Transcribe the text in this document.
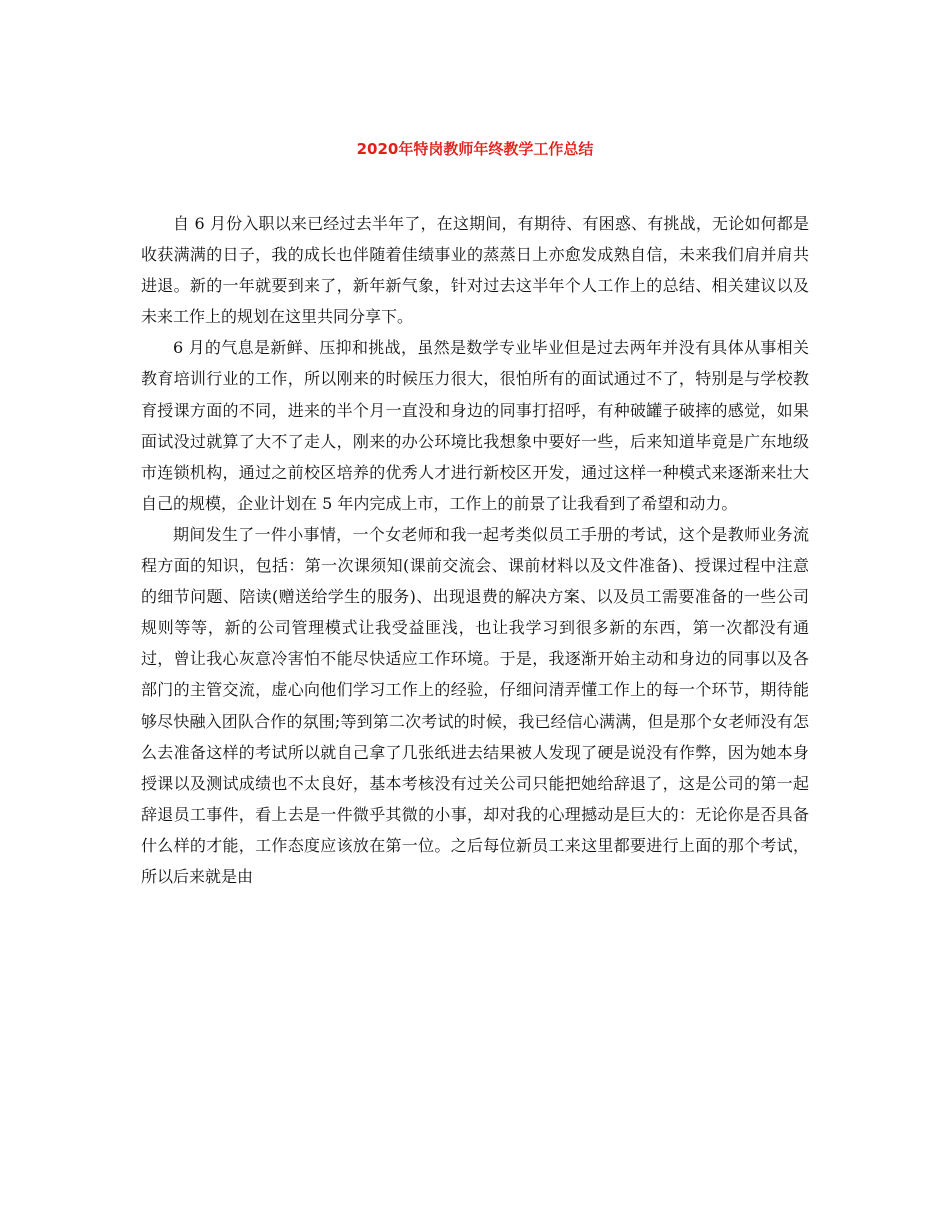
2020年特岗教师年终教学工作总结

自 6 月份入职以来已经过去半年了，在这期间，有期待、有困惑、有挑战，无论如何都是收获满满的日子，我的成长也伴随着佳绩事业的蒸蒸日上亦愈发成熟自信，未来我们肩并肩共进退。新的一年就要到来了，新年新气象，针对过去这半年个人工作上的总结、相关建议以及未来工作上的规划在这里共同分享下。

6 月的气息是新鲜、压抑和挑战，虽然是数学专业毕业但是过去两年并没有具体从事相关教育培训行业的工作，所以刚来的时候压力很大，很怕所有的面试通过不了，特别是与学校教育授课方面的不同，进来的半个月一直没和身边的同事打招呼，有种破罐子破摔的感觉，如果面试没过就算了大不了走人，刚来的办公环境比我想象中要好一些，后来知道毕竟是广东地级市连锁机构，通过之前校区培养的优秀人才进行新校区开发，通过这样一种模式来逐渐来壮大自己的规模，企业计划在 5 年内完成上市，工作上的前景了让我看到了希望和动力。

期间发生了一件小事情，一个女老师和我一起考类似员工手册的考试，这个是教师业务流程方面的知识，包括：第一次课须知(课前交流会、课前材料以及文件准备)、授课过程中注意的细节问题、陪读(赠送给学生的服务)、出现退费的解决方案、以及员工需要准备的一些公司规则等等，新的公司管理模式让我受益匪浅，也让我学习到很多新的东西，第一次都没有通过，曾让我心灰意冷害怕不能尽快适应工作环境。于是，我逐渐开始主动和身边的同事以及各部门的主管交流，虚心向他们学习工作上的经验，仔细问清弄懂工作上的每一个环节，期待能够尽快融入团队合作的氛围;等到第二次考试的时候，我已经信心满满，但是那个女老师没有怎么去准备这样的考试所以就自己拿了几张纸进去结果被人发现了硬是说没有作弊，因为她本身授课以及测试成绩也不太良好，基本考核没有过关公司只能把她给辞退了，这是公司的第一起辞退员工事件，看上去是一件微乎其微的小事，却对我的心理撼动是巨大的：无论你是否具备什么样的才能，工作态度应该放在第一位。之后每位新员工来这里都要进行上面的那个考试，所以后来就是由
